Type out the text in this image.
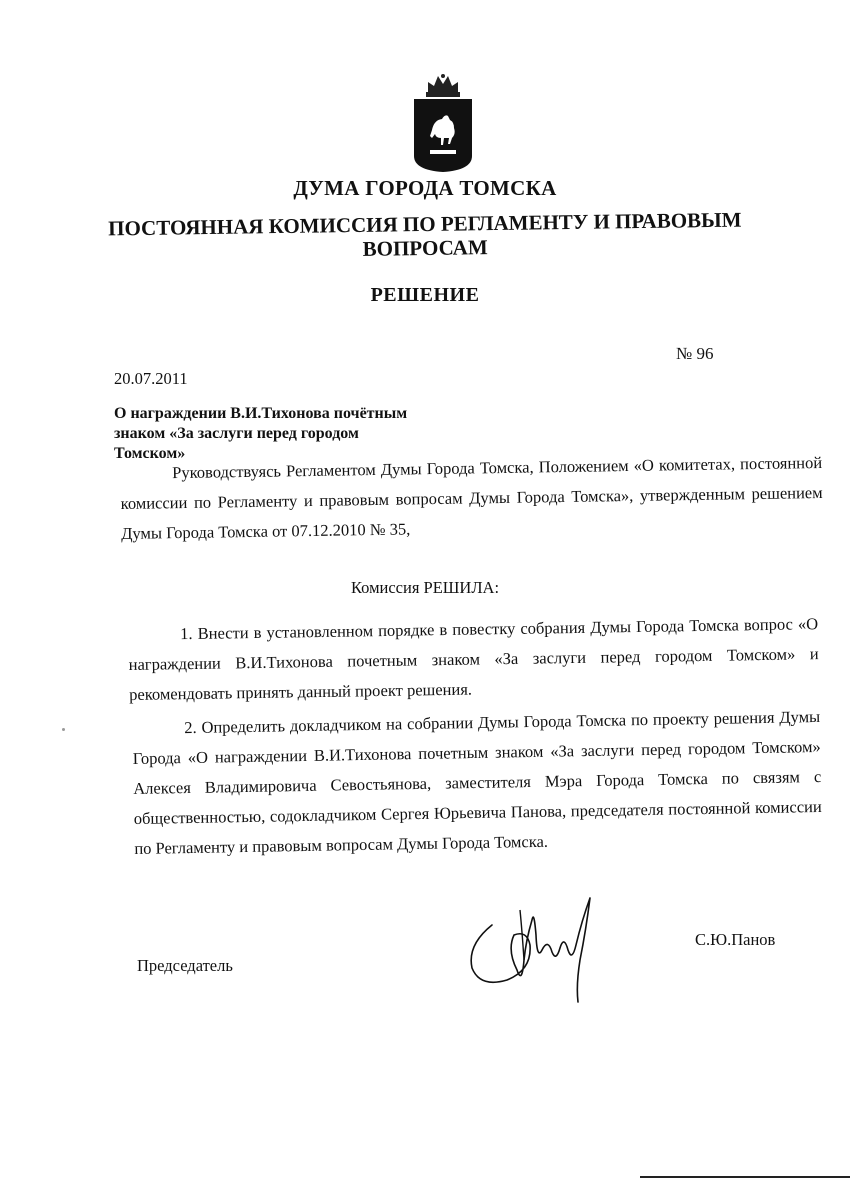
ДУМА ГОРОДА ТОМСКА
ПОСТОЯННАЯ КОМИССИЯ ПО РЕГЛАМЕНТУ И ПРАВОВЫМ ВОПРОСАМ
РЕШЕНИЕ
№ 96
20.07.2011
О награждении В.И.Тихонова почётным знаком «За заслуги перед городом Томском»
Руководствуясь Регламентом Думы Города Томска, Положением «О комитетах, постоянной комиссии по Регламенту и правовым вопросам Думы Города Томска», утвержденным решением Думы Города Томска от 07.12.2010 № 35,
Комиссия РЕШИЛА:
1. Внести в установленном порядке в повестку собрания Думы Города Томска вопрос «О награждении В.И.Тихонова почетным знаком «За заслуги перед городом Томском» и рекомендовать принять данный проект решения.
2. Определить докладчиком на собрании Думы Города Томска по проекту решения Думы Города «О награждении В.И.Тихонова почетным знаком «За заслуги перед городом Томском» Алексея Владимировича Севостьянова, заместителя Мэра Города Томска по связям с общественностью, содокладчиком Сергея Юрьевича Панова, председателя постоянной комиссии по Регламенту и правовым вопросам Думы Города Томска.
С.Ю.Панов
Председатель
